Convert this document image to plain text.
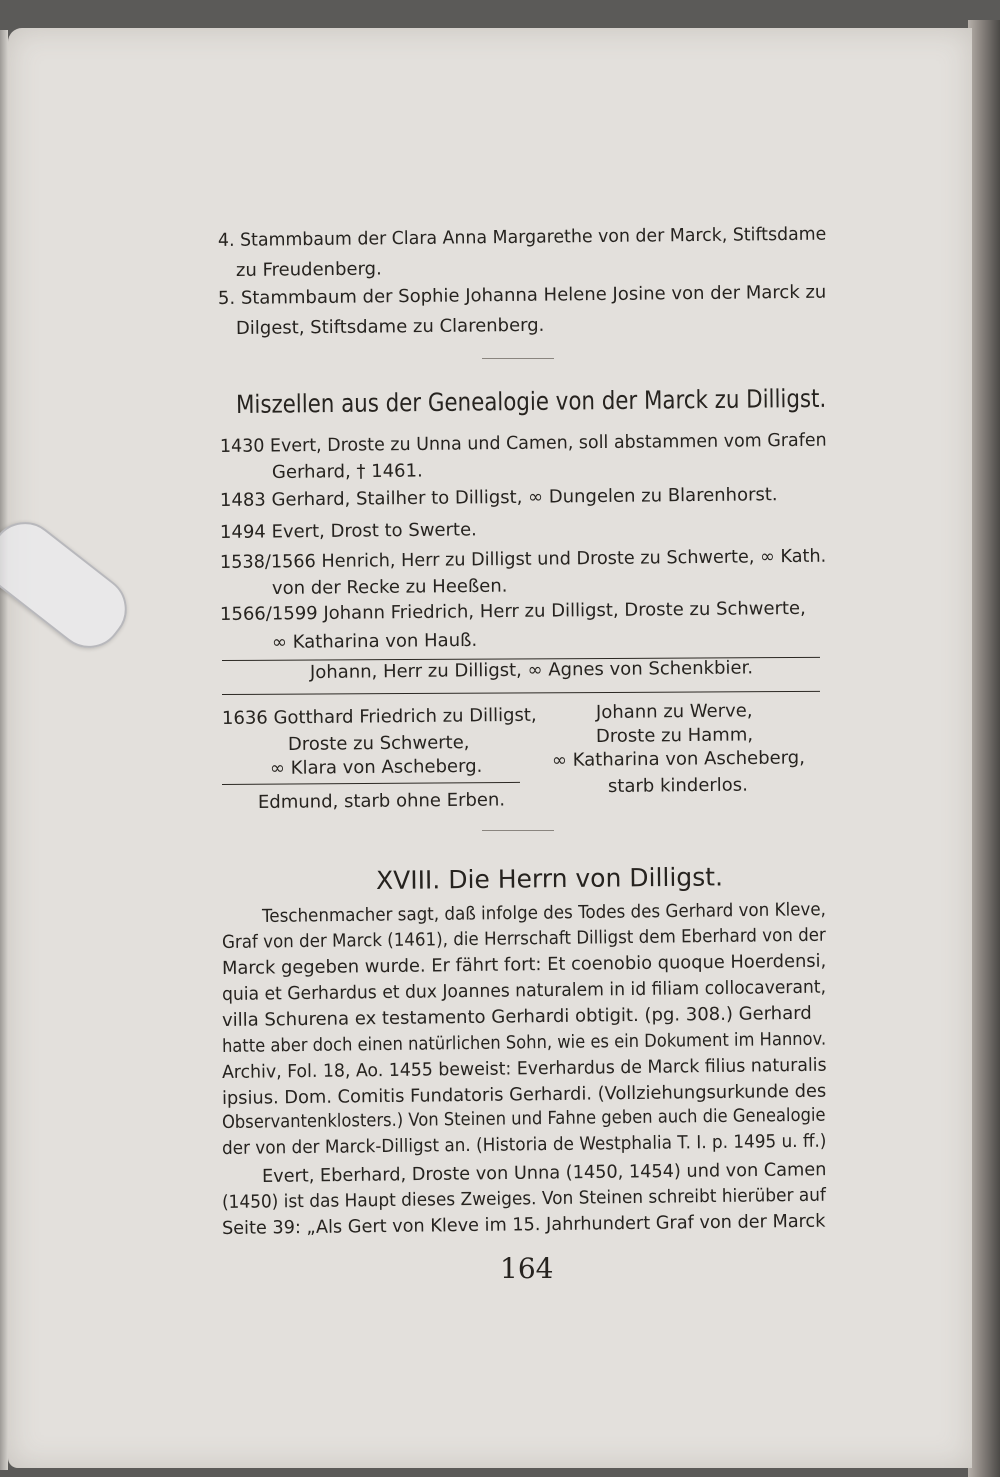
4. Stammbaum der Clara Anna Margarethe von der Marck, Stiftsdame
zu Freudenberg.
5. Stammbaum der Sophie Johanna Helene Josine von der Marck zu
Dilgest, Stiftsdame zu Clarenberg.
Miszellen aus der Genealogie von der Marck zu Dilligst.
1430 Evert, Droste zu Unna und Camen, soll abstammen vom Grafen
Gerhard, † 1461.
1483 Gerhard, Stailher to Dilligst, ∞ Dungelen zu Blarenhorst.
1494 Evert, Drost to Swerte.
1538/1566 Henrich, Herr zu Dilligst und Droste zu Schwerte, ∞ Kath.
von der Recke zu Heeßen.
1566/1599 Johann Friedrich, Herr zu Dilligst, Droste zu Schwerte,
∞ Katharina von Hauß.
Johann, Herr zu Dilligst, ∞ Agnes von Schenkbier.
1636 Gotthard Friedrich zu Dilligst,
Droste zu Schwerte,
∞ Klara von Ascheberg.
Edmund, starb ohne Erben.
Johann zu Werve,
Droste zu Hamm,
∞ Katharina von Ascheberg,
starb kinderlos.
XVIII. Die Herrn von Dilligst.
Teschenmacher sagt, daß infolge des Todes des Gerhard von Kleve,
Graf von der Marck (1461), die Herrschaft Dilligst dem Eberhard von der
Marck gegeben wurde. Er fährt fort: Et coenobio quoque Hoerdensi,
quia et Gerhardus et dux Joannes naturalem in id filiam collocaverant,
villa Schurena ex testamento Gerhardi obtigit. (pg. 308.) Gerhard
hatte aber doch einen natürlichen Sohn, wie es ein Dokument im Hannov.
Archiv, Fol. 18, Ao. 1455 beweist: Everhardus de Marck filius naturalis
ipsius. Dom. Comitis Fundatoris Gerhardi. (Vollziehungsurkunde des
Observantenklosters.) Von Steinen und Fahne geben auch die Genealogie
der von der Marck-Dilligst an. (Historia de Westphalia T. I. p. 1495 u. ff.)
Evert, Eberhard, Droste von Unna (1450, 1454) und von Camen
(1450) ist das Haupt dieses Zweiges. Von Steinen schreibt hierüber auf
Seite 39: „Als Gert von Kleve im 15. Jahrhundert Graf von der Marck
164
